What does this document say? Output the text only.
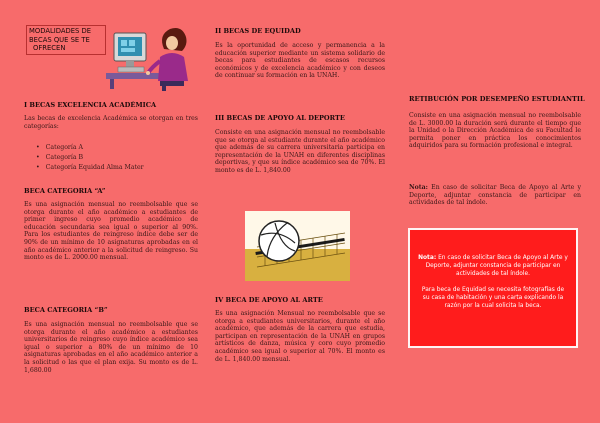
MODALIDADES DE
BECAS QUE SE TE
OFRECEN
I BECAS EXCELENCIA ACADÉMICA

Las becas de excelencia Académica se otorgan en tres categorías:

• Categoría A
• Categoría B
• Categoría Equidad Alma Mater
BECA CATEGORIA “A”

Es una asignación mensual no reembolsable que se otorga durante el año académico a estudiantes de primer ingreso cuyo promedio académico de educación secundaria sea igual o superior al 90%. Para los estudiantes de reingreso índice debe ser de 90% de un mínimo de 10 asignaturas aprobadas en el año académico anterior a la solicitud de reingreso. Su monto es de L. 2000.00 mensual.

BECA CATEGORIA “B”

Es una asignación mensual no reembolsable que se otorga durante el año académico a estudiantes universitarios de reingreso cuyo índice académico sea igual o superior a 80% de un mínimo de 10 asignaturas aprobadas en el año académico anterior a la solicitud o las que el plan exija. Su monto es de L. 1,680.00

II BECAS DE EQUIDAD

Es la oportunidad de acceso y permanencia a la educación superior mediante un sistema solidario de becas para estudiantes de escasos recursos económicos y de excelencia académico y con deseos de continuar su formación en la UNAH.

III BECAS DE APOYO AL DEPORTE

Consiste en una asignación mensual no reembolsable que se otorga al estudiante durante el año académico que además de su carrera universitaria participa en representación de la UNAH en diferentes disciplinas deportivas, y que su índice académico sea de 70%. El monto es de L. 1,840.00

IV BECA DE APOYO AL ARTE

Es una asignación Mensual no reembolsable que se otorga a estudiantes universitarios, durante el año académico, que además de la carrera que estudia, participan en representación de la UNAH en grupos artísticos de danza, música y coro cuyo promedio académico sea igual o superior al 70%. El monto es de L. 1,840.00 mensual.

RETIBUCIÓN POR DESEMPEÑO ESTUDIANTIL

Consiste en una asignación mensual no reembolsable de L. 3000.00 la duración será durante el tiempo que la Unidad o la Dirección Académica de su Facultad le permita poner en práctica los conocimientos adquiridos para su formación profesional e integral.

Nota: En caso de solicitar Beca de Apoyo al Arte y Deporte, adjuntar constancia de participar en actividades de tal índole.

Nota: En caso de solicitar Beca de Apoyo al Arte y Deporte, adjuntar constancia de participar en actividades de tal índole.

Para beca de Equidad se necesita fotografías de su casa de habitación y una carta explicando la razón por la cual solicita la beca.
